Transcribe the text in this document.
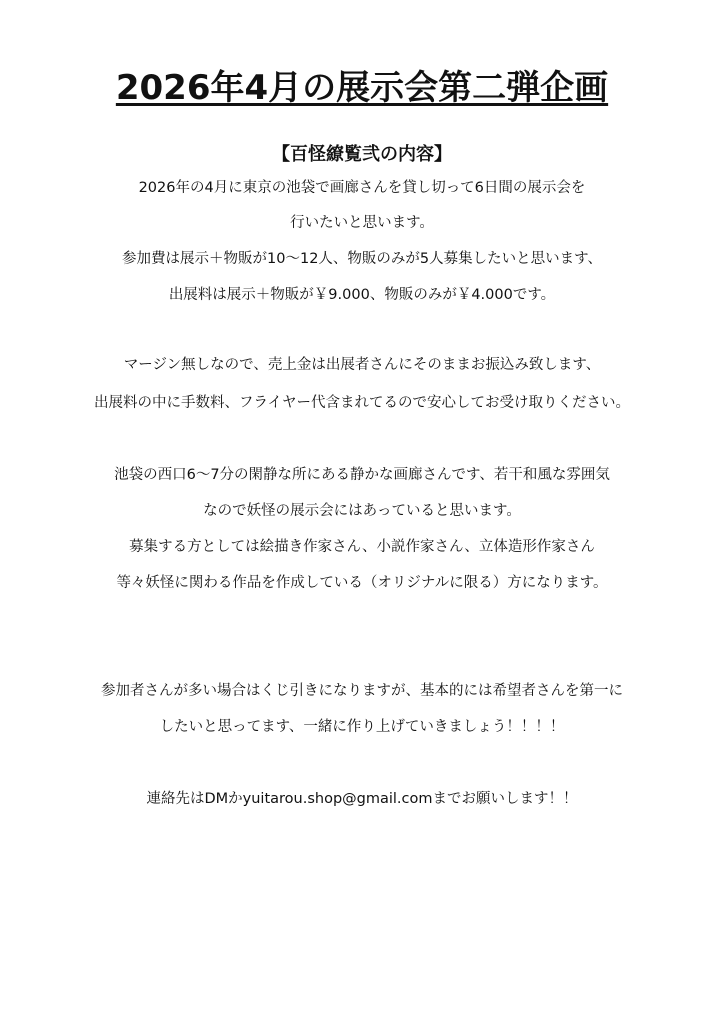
2026年4月の展示会第二弾企画
【百怪繚覧弐の内容】
2026年の4月に東京の池袋で画廊さんを貸し切って6日間の展示会を
行いたいと思います。
参加費は展示＋物販が10〜12人、物販のみが5人募集したいと思います、
出展料は展示＋物販が￥9.000、物販のみが￥4.000です。
マージン無しなので、売上金は出展者さんにそのままお振込み致します、
出展料の中に手数料、フライヤー代含まれてるので安心してお受け取りください。
池袋の西口6〜7分の閑静な所にある静かな画廊さんです、若干和風な雰囲気
なので妖怪の展示会にはあっていると思います。
募集する方としては絵描き作家さん、小説作家さん、立体造形作家さん
等々妖怪に関わる作品を作成している（オリジナルに限る）方になります。
参加者さんが多い場合はくじ引きになりますが、基本的には希望者さんを第一に
したいと思ってます、一緒に作り上げていきましょう！！！！
連絡先はDMかyuitarou.shop@gmail.comまでお願いします！！
